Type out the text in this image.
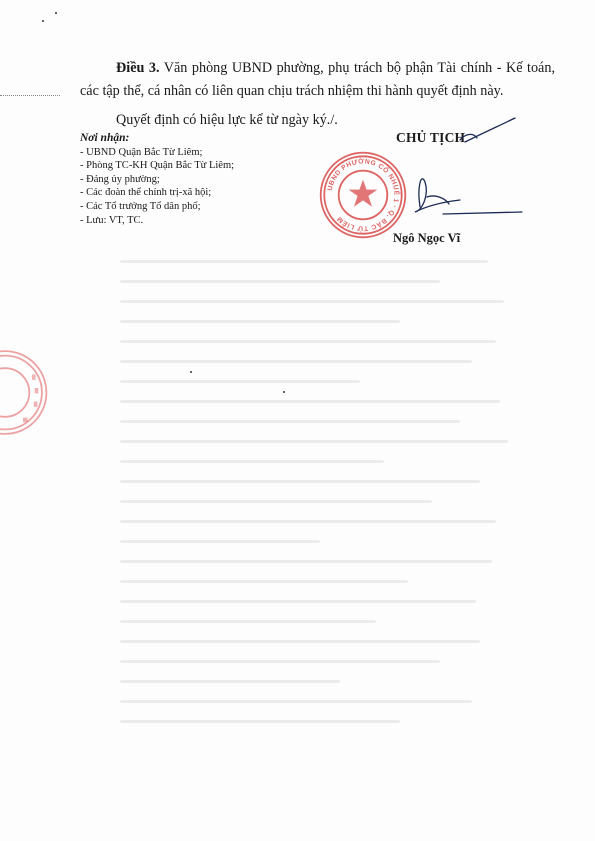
Điều 3. Văn phòng UBND phường, phụ trách bộ phận Tài chính - Kế toán, các tập thể, cá nhân có liên quan chịu trách nhiệm thi hành quyết định này.

Quyết định có hiệu lực kể từ ngày ký./.

Nơi nhận:
- UBND Quận Bắc Từ Liêm;
- Phòng TC-KH Quận Bắc Từ Liêm;
- Đảng ủy phường;
- Các đoàn thể chính trị-xã hội;
- Các Tổ trưởng Tổ dân phố;
- Lưu: VT, TC.
UBND PHƯỜNG CỔ NHUẾ 1 · Q. BẮC TỪ LIÊM
CHỦ TỊCH
Ngô Ngọc Vĩ
